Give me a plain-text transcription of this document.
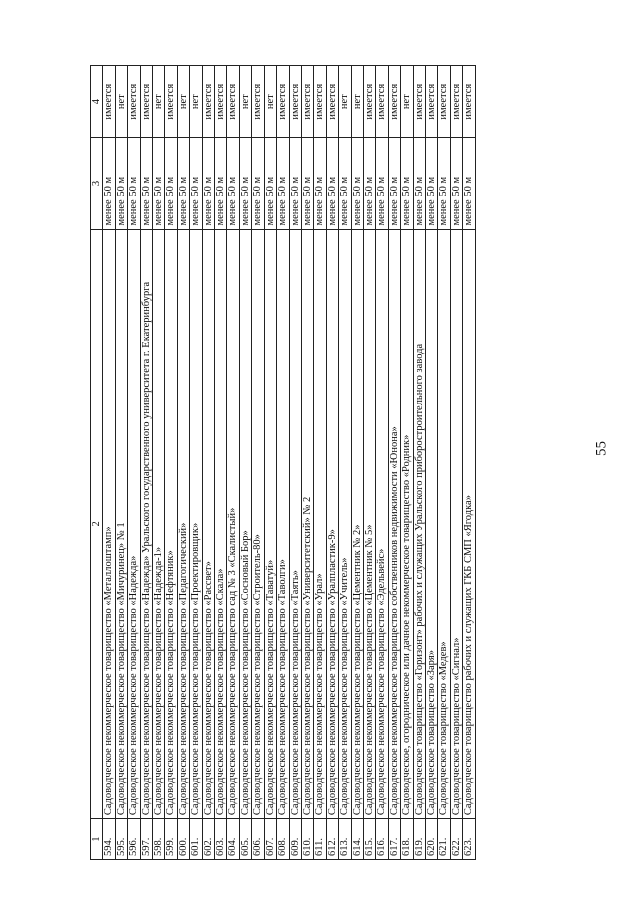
55
1	2	3	4
594.	Садоводческое некоммерческое товарищество «Металлоштамп»	менее 50 м	имеется
595.	Садоводческое некоммерческое товарищество «Мичуринец» № 1	менее 50 м	нет
596.	Садоводческое некоммерческое товарищество «Надежда»	менее 50 м	имеется
597.	Садоводческое некоммерческое товарищество «Надежда» Уральского государственного университета г. Екатеринбурга	менее 50 м	имеется
598.	Садоводческое некоммерческое товарищество «Надежда-1»	менее 50 м	нет
599.	Садоводческое некоммерческое товарищество «Нефтяник»	менее 50 м	имеется
600.	Садоводческое некоммерческое товарищество «Педагогический»	менее 50 м	нет
601.	Садоводческое некоммерческое товарищество «Проектировщик»	менее 50 м	нет
602.	Садоводческое некоммерческое товарищество «Рассвет»	менее 50 м	имеется
603.	Садоводческое некоммерческое товарищество «Скала»	менее 50 м	имеется
604.	Садоводческое некоммерческое товарищество сад № 3 «Скалистый»	менее 50 м	имеется
605.	Садоводческое некоммерческое товарищество «Сосновый Бор»	менее 50 м	нет
606.	Садоводческое некоммерческое товарищество «Строитель-80»	менее 50 м	имеется
607.	Садоводческое некоммерческое товарищество «Таватуй»	менее 50 м	нет
608.	Садоводческое некоммерческое товарищество «Таволги»	менее 50 м	имеется
609.	Садоводческое некоммерческое товарищество «Таять»	менее 50 м	имеется
610.	Садоводческое некоммерческое товарищество «Университетский» № 2	менее 50 м	имеется
611.	Садоводческое некоммерческое товарищество «Урал»	менее 50 м	имеется
612.	Садоводческое некоммерческое товарищество «Уралпластик-9»	менее 50 м	имеется
613.	Садоводческое некоммерческое товарищество «Учитель»	менее 50 м	нет
614.	Садоводческое некоммерческое товарищество «Цементник № 2»	менее 50 м	нет
615.	Садоводческое некоммерческое товарищество «Цементник № 5»	менее 50 м	имеется
616.	Садоводческое некоммерческое товарищество «Эдельвейс»	менее 50 м	имеется
617.	Садоводческое некоммерческое товарищество собственников недвижимости «Юнона»	менее 50 м	имеется
618.	Садоводческое, огородническое или дачное некоммерческое товарищество «Родник»	менее 50 м	нет
619.	Садоводческое товарищество «Горизонт» рабочих и служащих Уральского приборостроительного завода	менее 50 м	имеется
620.	Садоводческое товарищество «Заря»	менее 50 м	имеется
621.	Садоводческое товарищество «Медев»	менее 50 м	имеется
622.	Садоводческое товарищество «Сигнал»	менее 50 м	имеется
623.	Садоводческое товарищество рабочих и служащих ГКБ СМП «Ягодка»	менее 50 м	имеется
